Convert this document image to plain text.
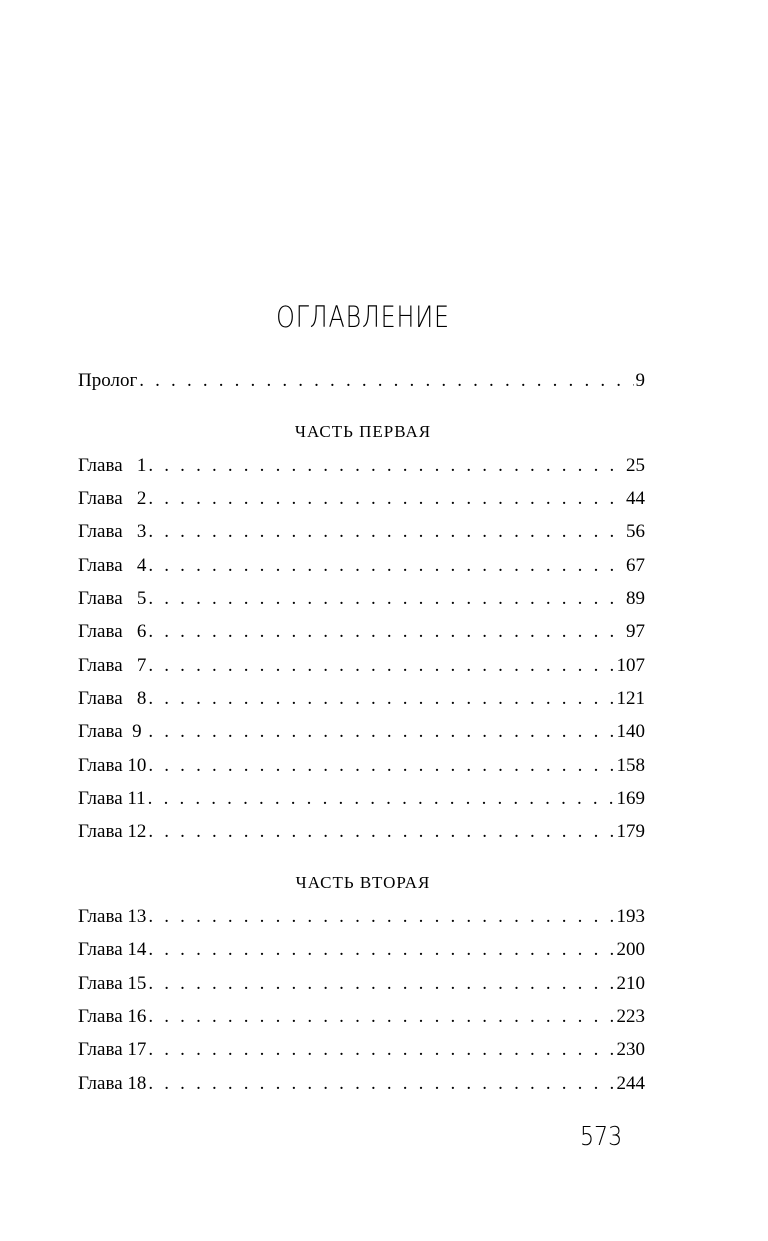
ОГЛАВЛЕНИЕ
Пролог . . .	9
ЧАСТЬ ПЕРВАЯ
Глава   1 . . .	25
Глава   2 . . .	44
Глава   3 . . .	56
Глава   4 . . .	67
Глава   5 . . .	89
Глава   6 . . .	97
Глава   7 . . .	107
Глава   8 . . .	121
Глава  9 . . .	140
Глава 10 . . .	158
Глава 11 . . .	169
Глава 12 . . .	179
ЧАСТЬ ВТОРАЯ
Глава 13 . . .	193
Глава 14 . . .	200
Глава 15 . . .	210
Глава 16 . . .	223
Глава 17 . . .	230
Глава 18 . . .	244
573
